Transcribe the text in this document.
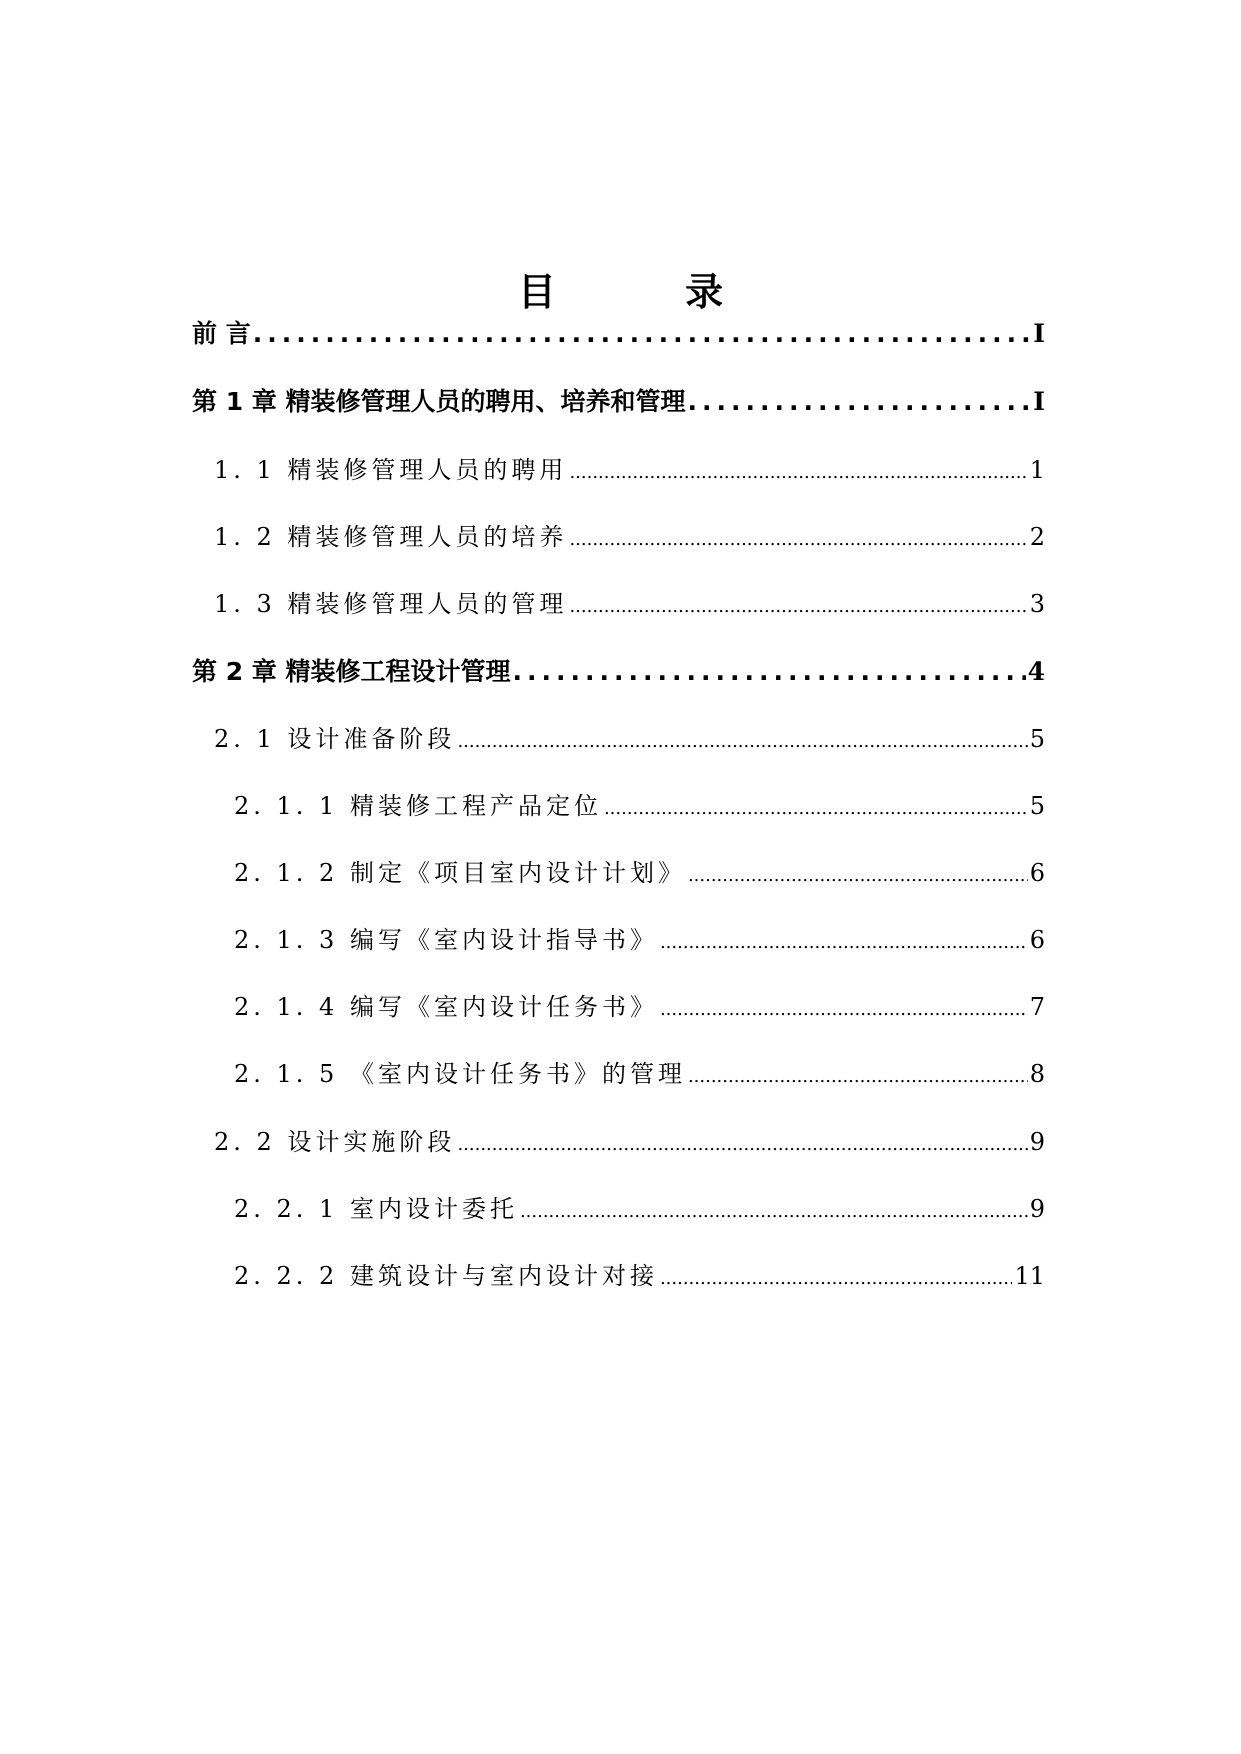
目 录
前 言 .....	I
第 1 章 精装修管理人员的聘用、培养和管理 .....	I
1. 1 精装修管理人员的聘用 .....	1
1. 2 精装修管理人员的培养 .....	2
1. 3 精装修管理人员的管理 .....	3
第 2 章 精装修工程设计管理 .....	4
2. 1 设计准备阶段 .....	5
2. 1. 1 精装修工程产品定位 .....	5
2. 1. 2 制定《项目室内设计计划》 .....	6
2. 1. 3 编写《室内设计指导书》 .....	6
2. 1. 4 编写《室内设计任务书》 .....	7
2. 1. 5 《室内设计任务书》的管理 .....	8
2. 2 设计实施阶段 .....	9
2. 2. 1 室内设计委托 .....	9
2. 2. 2 建筑设计与室内设计对接 .....	11
